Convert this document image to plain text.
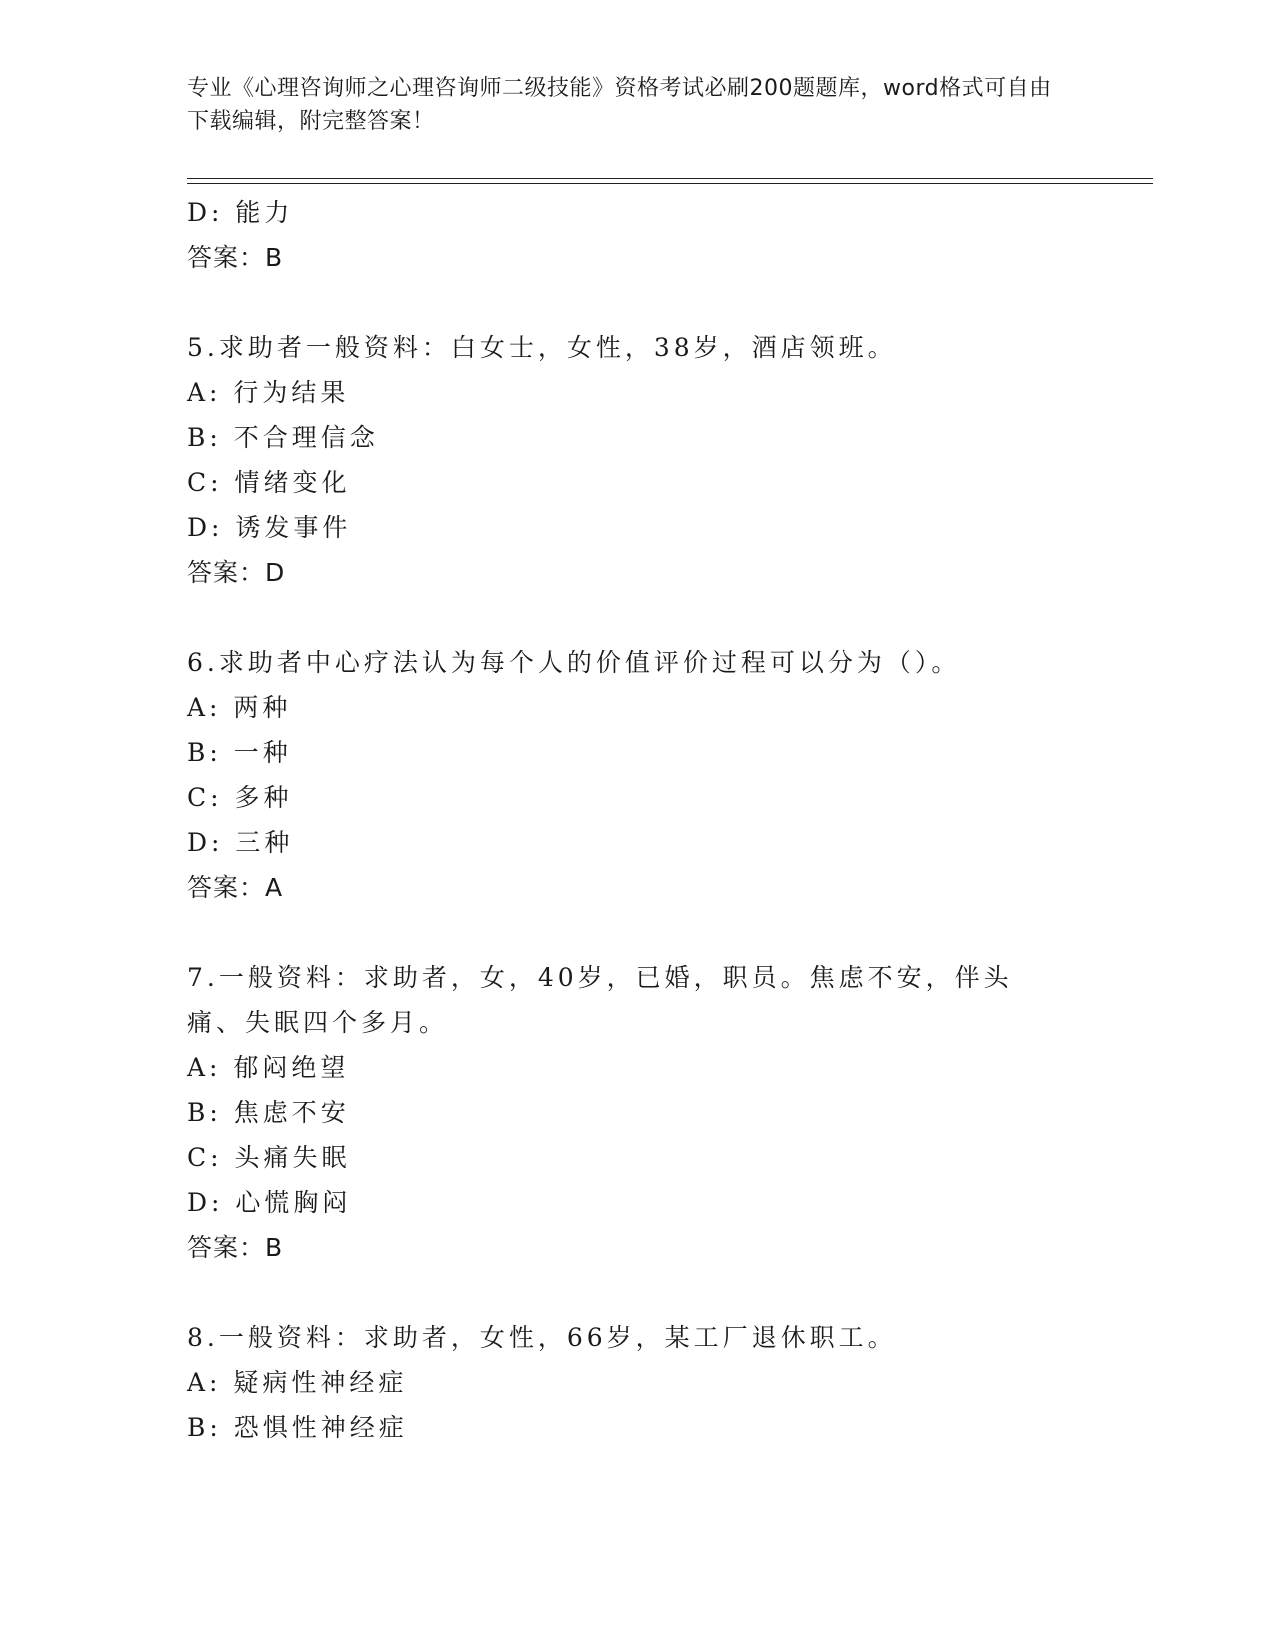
专业《心理咨询师之心理咨询师二级技能》资格考试必刷200题题库，word格式可自由下载编辑，附完整答案！
D: 能力
答案：B
5.求助者一般资料：白女士，女性，38岁，酒店领班。
A: 行为结果
B: 不合理信念
C: 情绪变化
D: 诱发事件
答案：D
6.求助者中心疗法认为每个人的价值评价过程可以分为（）。
A: 两种
B: 一种
C: 多种
D: 三种
答案：A
7.一般资料：求助者，女，40岁，已婚，职员。焦虑不安，伴头痛、失眠四个多月。
A: 郁闷绝望
B: 焦虑不安
C: 头痛失眠
D: 心慌胸闷
答案：B
8.一般资料：求助者，女性，66岁，某工厂退休职工。
A: 疑病性神经症
B: 恐惧性神经症
